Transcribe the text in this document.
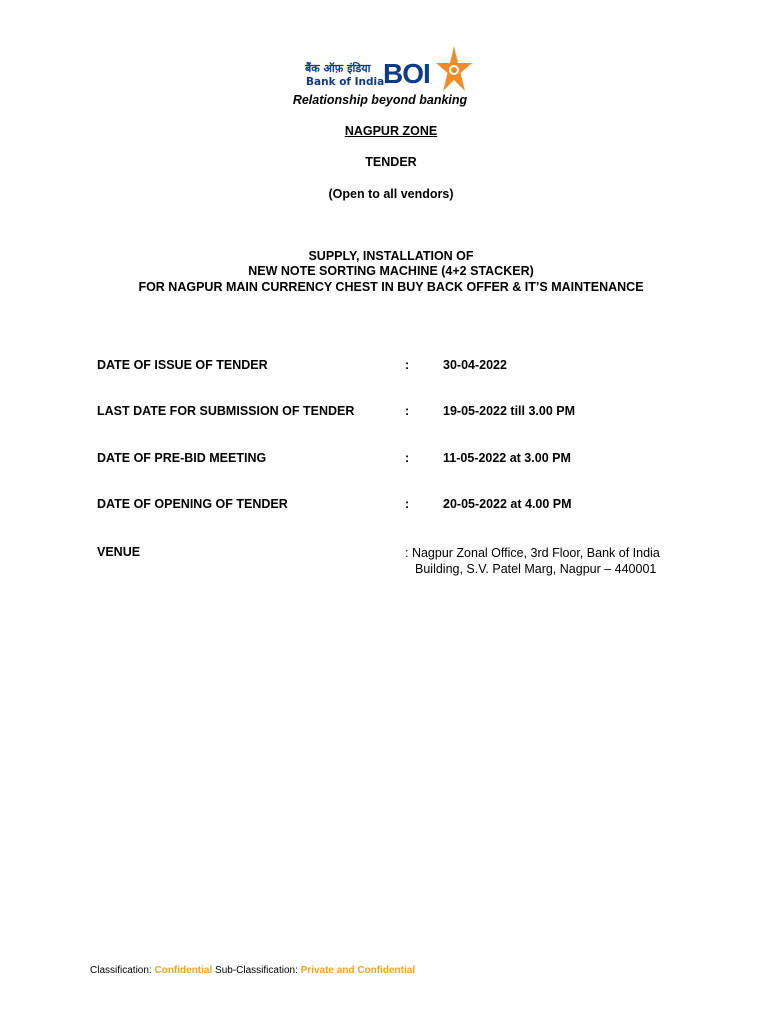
बैंक ऑफ़ इंडिया
Bank of India
BOI
Relationship beyond banking
NAGPUR ZONE
TENDER
(Open to all vendors)
SUPPLY, INSTALLATION OF
NEW NOTE SORTING MACHINE (4+2 STACKER)
FOR NAGPUR MAIN CURRENCY CHEST IN BUY BACK OFFER & IT’S MAINTENANCE
DATE OF ISSUE OF TENDER	:	30-04-2022
LAST DATE FOR SUBMISSION OF TENDER	:	19-05-2022 till 3.00 PM
DATE OF PRE-BID MEETING	:	11-05-2022 at 3.00 PM
DATE OF OPENING OF TENDER	:	20-05-2022 at 4.00 PM
VENUE	: Nagpur Zonal Office, 3rd Floor, Bank of India
Building, S.V. Patel Marg, Nagpur – 440001
Classification: Confidential Sub-Classification: Private and Confidential
